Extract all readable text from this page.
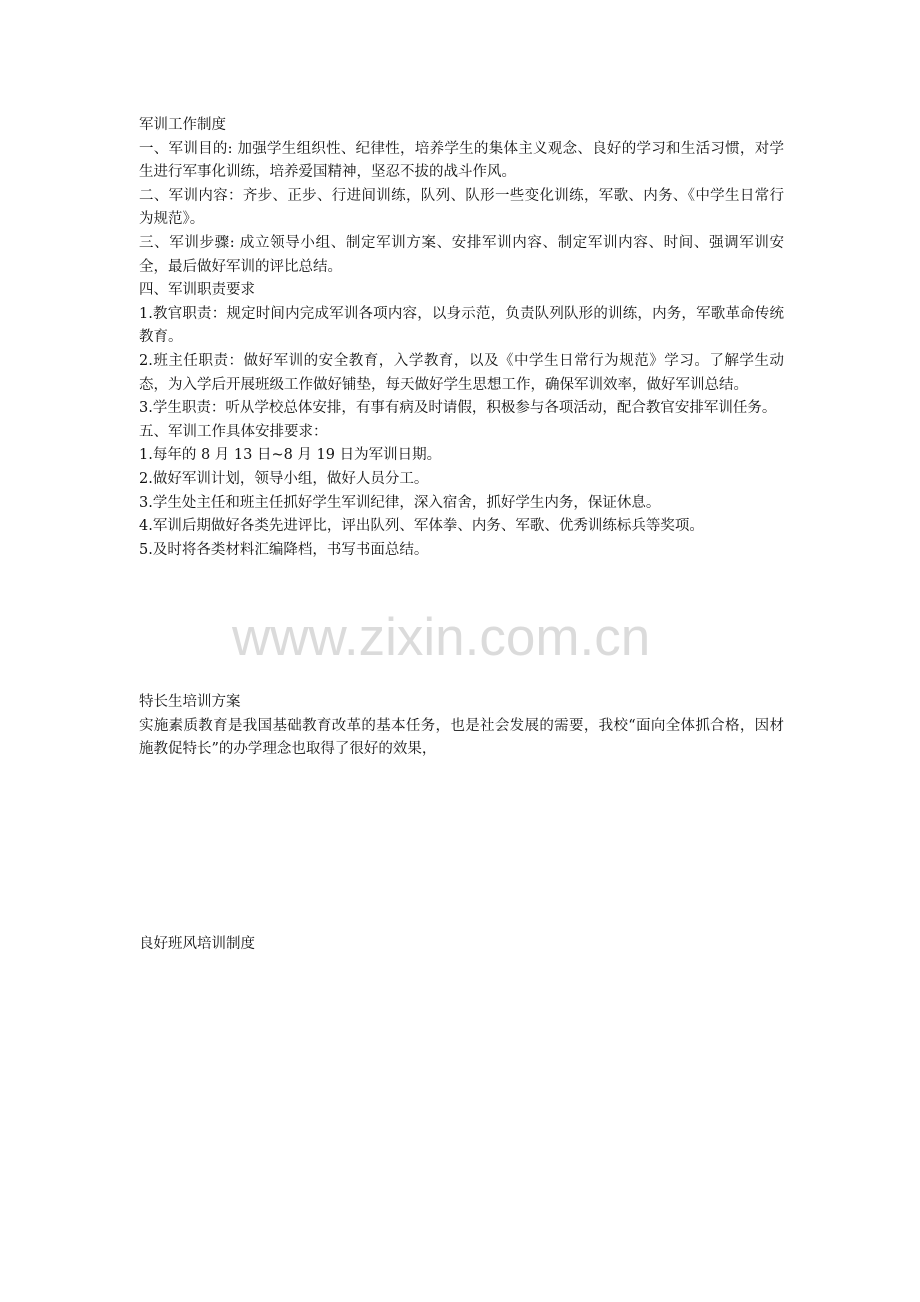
军训工作制度

一、军训目的: 加强学生组织性、纪律性，培养学生的集体主义观念、良好的学习和生活习惯，对学生进行军事化训练，培养爱国精神，坚忍不拔的战斗作风。

二、军训内容：齐步、正步、行进间训练，队列、队形一些变化训练，军歌、内务、《中学生日常行为规范》。

三、军训步骤: 成立领导小组、制定军训方案、安排军训内容、制定军训内容、时间、强调军训安全，最后做好军训的评比总结。

四、军训职责要求

1.教官职责：规定时间内完成军训各项内容，以身示范，负责队列队形的训练，内务，军歌革命传统教育。

2.班主任职责：做好军训的安全教育，入学教育，以及《中学生日常行为规范》学习。了解学生动态，为入学后开展班级工作做好铺垫，每天做好学生思想工作，确保军训效率，做好军训总结。

3.学生职责：听从学校总体安排，有事有病及时请假，积极参与各项活动，配合教官安排军训任务。

五、军训工作具体安排要求：

1.每年的 8 月 13 日~8 月 19 日为军训日期。

2.做好军训计划，领导小组，做好人员分工。

3.学生处主任和班主任抓好学生军训纪律，深入宿舍，抓好学生内务，保证休息。

4.军训后期做好各类先进评比，评出队列、军体拳、内务、军歌、优秀训练标兵等奖项。

5.及时将各类材料汇编降档，书写书面总结。

www.zixin.com.cn

特长生培训方案

实施素质教育是我国基础教育改革的基本任务，也是社会发展的需要，我校“面向全体抓合格，因材施教促特长”的办学理念也取得了很好的效果，

良好班风培训制度
